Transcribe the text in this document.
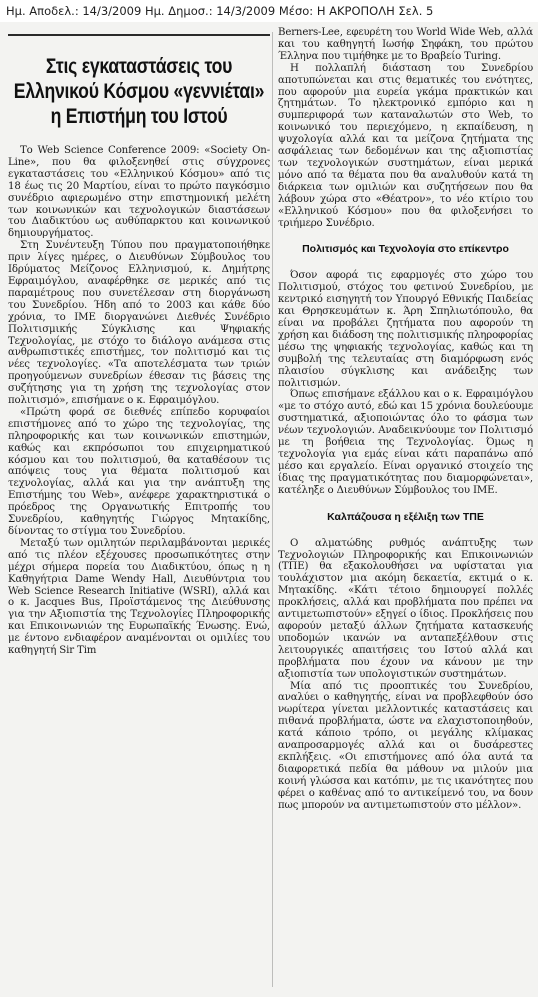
Ημ. Αποδελ.: 14/3/2009 Ημ. Δημοσ.: 14/3/2009 Μέσο: Η ΑΚΡΟΠΟΛΗ Σελ. 5
Στις εγκαταστάσεις του Ελληνικού Κόσμου «γεννιέται» η Επιστήμη του Ιστού

Το Web Science Conference 2009: «Society On-Line», που θα φιλοξενηθεί στις σύγχρονες εγκαταστάσεις του «Ελληνικού Κόσμου» από τις 18 έως τις 20 Μαρτίου, είναι το πρώτο παγκόσμιο συνέδριο αφιερωμένο στην επιστημονική μελέτη των κοινωνικών και τεχνολογικών διαστάσεων του Διαδικτύου ως αυθύπαρκτου και κοινωνικού δημιουργήματος.

Στη Συνέντευξη Τύπου που πραγματοποιήθηκε πριν λίγες ημέρες, ο Διευθύνων Σύμβουλος του Ιδρύματος Μείζονος Ελληνισμού, κ. Δημήτρης Εφραιμόγλου, αναφέρθηκε σε μερικές από τις παραμέτρους που συνετέλεσαν στη διοργάνωση του Συνεδρίου. Ήδη από το 2003 και κάθε δύο χρόνια, το ΙΜΕ διοργανώνει Διεθνές Συνέδριο Πολιτισμικής Σύγκλισης και Ψηφιακής Τεχνολογίας, με στόχο το διάλογο ανάμεσα στις ανθρωπιστικές επιστήμες, τον πολιτισμό και τις νέες τεχνολογίες. «Τα αποτελέσματα των τριών προηγούμενων συνεδρίων έθεσαν τις βάσεις της συζήτησης για τη χρήση της τεχνολογίας στον πολιτισμό», επισήμανε ο κ. Εφραιμόγλου.

«Πρώτη φορά σε διεθνές επίπεδο κορυφαίοι επιστήμονες από το χώρο της τεχνολογίας, της πληροφορικής και των κοινωνικών επιστημών, καθώς και εκπρόσωποι του επιχειρηματικού κόσμου και του πολιτισμού, θα καταθέσουν τις απόψεις τους για θέματα πολιτισμού και τεχνολογίας, αλλά και για την ανάπτυξη της Επιστήμης του Web», ανέφερε χαρακτηριστικά ο πρόεδρος της Οργανωτικής Επιτροπής του Συνεδρίου, καθηγητής Γιώργος Μητακίδης, δίνοντας το στίγμα του Συνεδρίου.

Μεταξύ των ομιλητών περιλαμβάνονται μερικές από τις πλέον εξέχουσες προσωπικότητες στην μέχρι σήμερα πορεία του Διαδικτύου, όπως η η Καθηγήτρια Dame Wendy Hall, Διευθύντρια του Web Science Research Initiative (WSRI), αλλά και ο κ. Jacques Bus, Προϊστάμενος της Διεύθυνσης για την Αξιοπιστία της Τεχνολογίες Πληροφορικής και Επικοινωνιών της Ευρωπαϊκής Ένωσης. Ενώ, με έντονο ενδιαφέρον αναμένονται οι ομιλίες του καθηγητή Sir Tim

Berners-Lee, εφευρέτη του World Wide Web, αλλά και του καθηγητή Ιωσήφ Σηφάκη, του πρώτου Έλληνα που τιμήθηκε με το Βραβείο Turing.

Η πολλαπλή διάσταση του Συνεδρίου αποτυπώνεται και στις θεματικές του ενότητες, που αφορούν μια ευρεία γκάμα πρακτικών και ζητημάτων. Το ηλεκτρονικό εμπόριο και η συμπεριφορά των καταναλωτών στο Web, το κοινωνικό του περιεχόμενο, η εκπαίδευση, η ψυχολογία αλλά και τα μείζονα ζητήματα της ασφάλειας των δεδομένων και της αξιοπιστίας των τεχνολογικών συστημάτων, είναι μερικά μόνο από τα θέματα που θα αναλυθούν κατά τη διάρκεια των ομιλιών και συζητήσεων που θα λάβουν χώρα στο «Θέατρον», το νέο κτίριο του «Ελληνικού Κόσμου» που θα φιλοξενήσει το τριήμερο Συνέδριο.

Πολιτισμός και Τεχνολογία στο επίκεντρο

Όσον αφορά τις εφαρμογές στο χώρο του Πολιτισμού, στόχος του φετινού Συνεδρίου, με κεντρικό εισηγητή τον Υπουργό Εθνικής Παιδείας και Θρησκευμάτων κ. Άρη Σπηλιωτόπουλο, θα είναι να προβάλει ζητήματα που αφορούν τη χρήση και διάδοση της πολιτισμικής πληροφορίας μέσω της ψηφιακής τεχνολογίας, καθώς και τη συμβολή της τελευταίας στη διαμόρφωση ενός πλαισίου σύγκλισης και ανάδειξης των πολιτισμών.

Όπως επισήμανε εξάλλου και ο κ. Εφραιμόγλου «με το στόχο αυτό, εδώ και 15 χρόνια δουλεύουμε συστηματικά, αξιοποιώντας όλο το φάσμα των νέων τεχνολογιών. Αναδεικνύουμε τον Πολιτισμό με τη βοήθεια της Τεχνολογίας. Όμως η τεχνολογία για εμάς είναι κάτι παραπάνω από μέσο και εργαλείο. Είναι οργανικό στοιχείο της ίδιας της πραγματικότητας που διαμορφώνεται», κατέληξε ο Διευθύνων Σύμβουλος του ΙΜΕ.

Καλπάζουσα η εξέλιξη των ΤΠΕ

Ο αλματώδης ρυθμός ανάπτυξης των Τεχνολογιών Πληροφορικής και Επικοινωνιών (ΤΠΕ) θα εξακολουθήσει να υφίσταται για τουλάχιστον μια ακόμη δεκαετία, εκτιμά ο κ. Μητακίδης. «Κάτι τέτοιο δημιουργεί πολλές προκλήσεις, αλλά και προβλήματα που πρέπει να αντιμετωπιστούν» εξηγεί ο ίδιος. Προκλήσεις που αφορούν μεταξύ άλλων ζητήματα κατασκευής υποδομών ικανών να ανταπεξέλθουν στις λειτουργικές απαιτήσεις του Ιστού αλλά και προβλήματα που έχουν να κάνουν με την αξιοπιστία των υπολογιστικών συστημάτων.

Μία από τις προοπτικές του Συνεδρίου, αναλύει ο καθηγητής, είναι να προβλεφθούν όσο νωρίτερα γίνεται μελλοντικές καταστάσεις και πιθανά προβλήματα, ώστε να ελαχιστοποιηθούν, κατά κάποιο τρόπο, οι μεγάλης κλίμακας αναπροσαρμογές αλλά και οι δυσάρεστες εκπλήξεις. «Οι επιστήμονες από όλα αυτά τα διαφορετικά πεδία θα μάθουν να μιλούν μια κοινή γλώσσα και κατόπιν, με τις ικανότητες που φέρει ο καθένας από το αντικείμενό του, να δουν πως μπορούν να αντιμετωπιστούν στο μέλλον».
